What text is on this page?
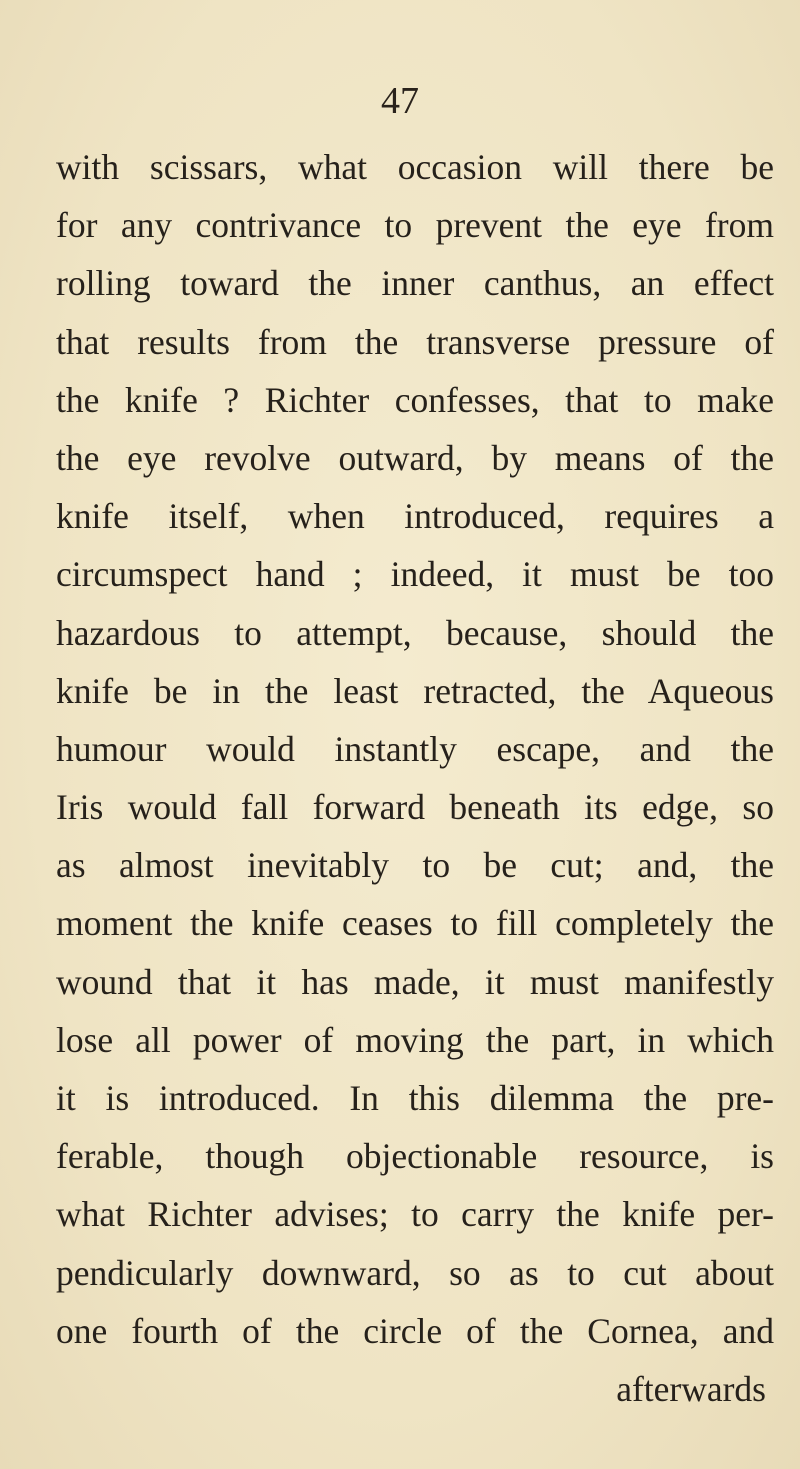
47
with scissars, what occasion will there be
for any contrivance to prevent the eye from
rolling toward the inner canthus, an effect
that results from the transverse pressure of
the knife ? Richter confesses, that to make
the eye revolve outward, by means of the
knife itself, when introduced, requires a
circumspect hand ; indeed, it must be too
hazardous to attempt, because, should the
knife be in the least retracted, the Aqueous
humour would instantly escape, and the
Iris would fall forward beneath its edge, so
as almost inevitably to be cut; and, the
moment the knife ceases to fill completely the
wound that it has made, it must manifestly
lose all power of moving the part, in which
it is introduced. In this dilemma the pre-
ferable, though objectionable resource, is
what Richter advises; to carry the knife per-
pendicularly downward, so as to cut about
one fourth of the circle of the Cornea, and
afterwards
